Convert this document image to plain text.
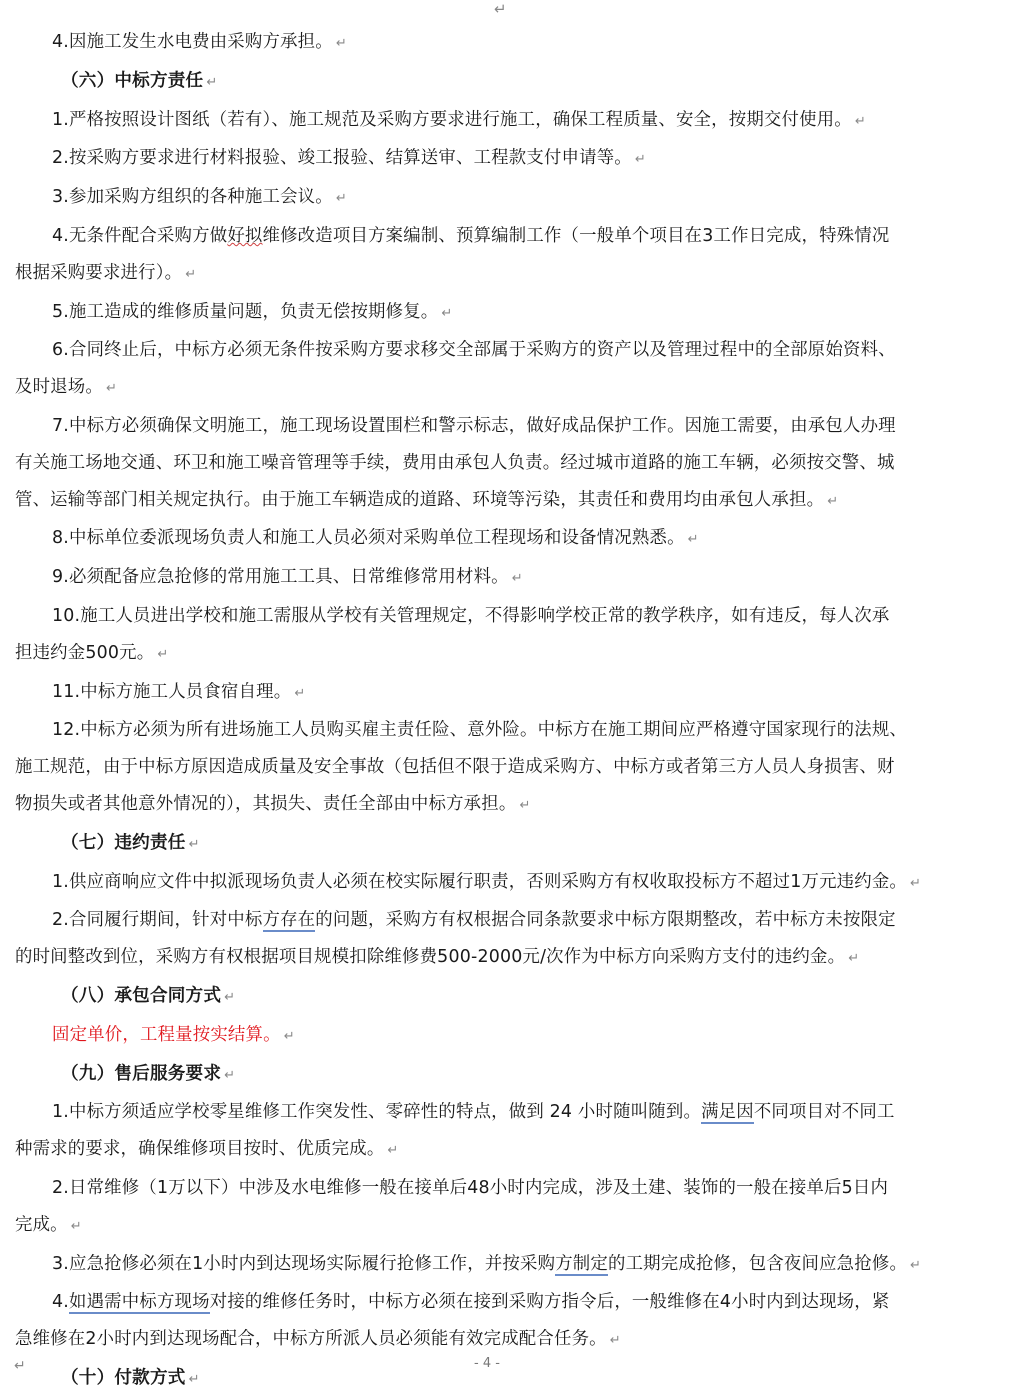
↵
4.因施工发生水电费由采购方承担。↵
（六）中标方责任↵
1.严格按照设计图纸（若有）、施工规范及采购方要求进行施工，确保工程质量、安全，按期交付使用。↵
2.按采购方要求进行材料报验、竣工报验、结算送审、工程款支付申请等。↵
3.参加采购方组织的各种施工会议。↵
4.无条件配合采购方做好拟维修改造项目方案编制、预算编制工作（一般单个项目在3工作日完成，特殊情况
根据采购要求进行）。↵
5.施工造成的维修质量问题，负责无偿按期修复。↵
6.合同终止后，中标方必须无条件按采购方要求移交全部属于采购方的资产以及管理过程中的全部原始资料、
及时退场。↵
7.中标方必须确保文明施工，施工现场设置围栏和警示标志，做好成品保护工作。因施工需要，由承包人办理
有关施工场地交通、环卫和施工噪音管理等手续，费用由承包人负责。经过城市道路的施工车辆，必须按交警、城
管、运输等部门相关规定执行。由于施工车辆造成的道路、环境等污染，其责任和费用均由承包人承担。↵
8.中标单位委派现场负责人和施工人员必须对采购单位工程现场和设备情况熟悉。↵
9.必须配备应急抢修的常用施工工具、日常维修常用材料。↵
10.施工人员进出学校和施工需服从学校有关管理规定，不得影响学校正常的教学秩序，如有违反，每人次承
担违约金500元。↵
11.中标方施工人员食宿自理。↵
12.中标方必须为所有进场施工人员购买雇主责任险、意外险。中标方在施工期间应严格遵守国家现行的法规、
施工规范，由于中标方原因造成质量及安全事故（包括但不限于造成采购方、中标方或者第三方人员人身损害、财
物损失或者其他意外情况的），其损失、责任全部由中标方承担。↵
（七）违约责任↵
1.供应商响应文件中拟派现场负责人必须在校实际履行职责，否则采购方有权收取投标方不超过1万元违约金。↵
2.合同履行期间，针对中标方存在的问题，采购方有权根据合同条款要求中标方限期整改，若中标方未按限定
的时间整改到位，采购方有权根据项目规模扣除维修费500-2000元/次作为中标方向采购方支付的违约金。↵
（八）承包合同方式↵
固定单价，工程量按实结算。↵
（九）售后服务要求↵
1.中标方须适应学校零星维修工作突发性、零碎性的特点，做到 24 小时随叫随到。满足因不同项目对不同工
种需求的要求，确保维修项目按时、优质完成。↵
2.日常维修（1万以下）中涉及水电维修一般在接单后48小时内完成，涉及土建、装饰的一般在接单后5日内
完成。↵
3.应急抢修必须在1小时内到达现场实际履行抢修工作，并按采购方制定的工期完成抢修，包含夜间应急抢修。↵
4.如遇需中标方现场对接的维修任务时，中标方必须在接到采购方指令后，一般维修在4小时内到达现场，紧
急维修在2小时内到达现场配合，中标方所派人员必须能有效完成配合任务。↵
（十）付款方式↵
↵	- 4 -
